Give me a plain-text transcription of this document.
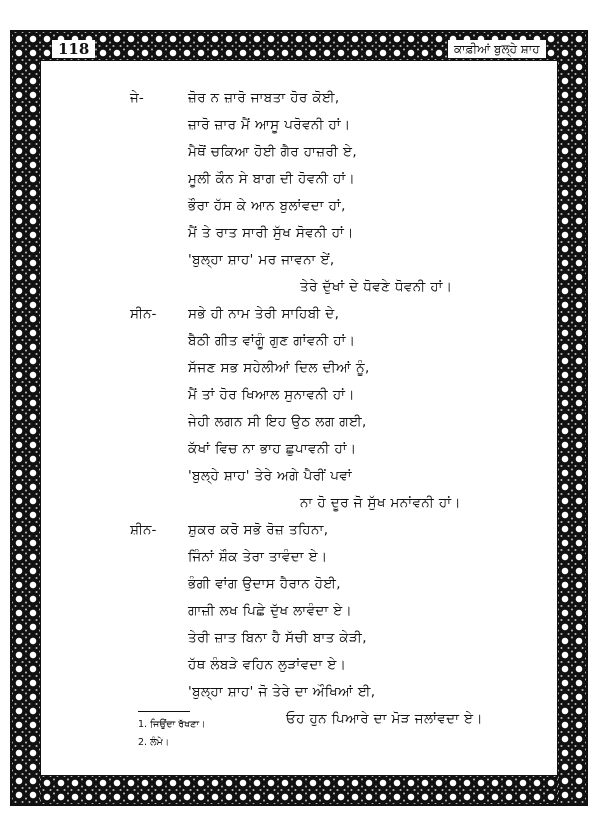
118	ਕਾਫ਼ੀਆਂ ਬੁਲ੍ਹੇ ਸ਼ਾਹ
ਜੇ-	ਜ਼ੋਰ ਨ ਜ਼ਾਰੋ ਜਾਬਤਾ ਹੋਰ ਕੋਈ,
ਜ਼ਾਰੋ ਜ਼ਾਰ ਮੈਂ ਆਸੂ ਪਰੋਵਨੀ ਹਾਂ।
ਮੈਥੋਂ ਚਕਿਆ ਹੋਈ ਗੈਰ ਹਾਜ਼ਰੀ ਏ,
ਮੂਲੀ ਕੌਨ ਸੇ ਬਾਗ ਦੀ ਹੋਵਨੀ ਹਾਂ।
ਭੌਰਾ ਹੱਸ ਕੇ ਆਨ ਬੁਲਾਂਵਦਾ ਹਾਂ,
ਮੈਂ ਤੇ ਰਾਤ ਸਾਰੀ ਸੁੱਖ ਸੋਵਨੀ ਹਾਂ।
'ਬੁਲ੍ਹਾ ਸ਼ਾਹ' ਮਰ ਜਾਵਨਾ ਏਂ,
ਤੇਰੇ ਦੁੱਖਾਂ ਦੇ ਧੋਵਣੇ ਧੋਵਨੀ ਹਾਂ।
ਸੀਨ- ਸਭੇ ਹੀ ਨਾਮ ਤੇਰੀ ਸਾਹਿਬੀ ਦੇ,
ਬੈਠੀ ਗੀਤ ਵਾਂਗੂੰ ਗੁਣ ਗਾਂਵਨੀ ਹਾਂ।
ਸੱਜਣ ਸਭ ਸਹੇਲੀਆਂ ਦਿਲ ਦੀਆਂ ਨੂੰ,
ਮੈਂ ਤਾਂ ਹੋਰ ਖਿਆਲ ਸੁਨਾਵਨੀ ਹਾਂ।
ਜੇਹੀ ਲਗਨ ਸੀ ਇਹ ਉਠ ਲਗ ਗਈ,
ਕੱਖਾਂ ਵਿਚ ਨਾ ਭਾਹ ਛੁਪਾਵਨੀ ਹਾਂ।
'ਬੁਲ੍ਹੇ ਸ਼ਾਹ' ਤੇਰੇ ਅਗੇ ਪੈਰੀਂ ਪਵਾਂ
ਨਾ ਹੋ ਦੂਰ ਜੋ ਸੁੱਖ ਮਨਾਂਵਨੀ ਹਾਂ।
ਸ਼ੀਨ- ਸ਼ੁਕਰ ਕਰੋ ਸਭੋ ਰੋਜ਼ ਤਹਿਨਾ,
ਜਿੰਨਾਂ ਸ਼ੌਕ ਤੇਰਾ ਤਾਵੰਦਾ ਏ।
ਭੰਗੀ ਵਾਂਗ ਉਦਾਸ ਹੈਰਾਨ ਹੋਈ,
ਗਾਜ਼ੀ ਲਖ ਪਿਛੇ ਦੁੱਖ ਲਾਵੰਦਾ ਏ।
ਤੇਰੀ ਜ਼ਾਤ ਬਿਨਾ ਹੈ ਸੱਚੀ ਬਾਤ ਕੇੜੀ,
ਹੱਥ ਲੰਬੜੇ ਵਹਿਨ ਲੁੜਾਂਵਦਾ ਏ।
'ਬੁਲ੍ਹਾ ਸ਼ਾਹ' ਜੋ ਤੇਰੇ ਦਾ ਔਖਿਆਂ ਈ,
ਓਹ ਹੁਨ ਪਿਆਰੇ ਦਾ ਮੋੜ ਜਲਾਂਵਦਾ ਏ।
1. ਜਿਉਂਦਾ ਰੱਖਣਾ।
2. ਲੰਮੇ।
